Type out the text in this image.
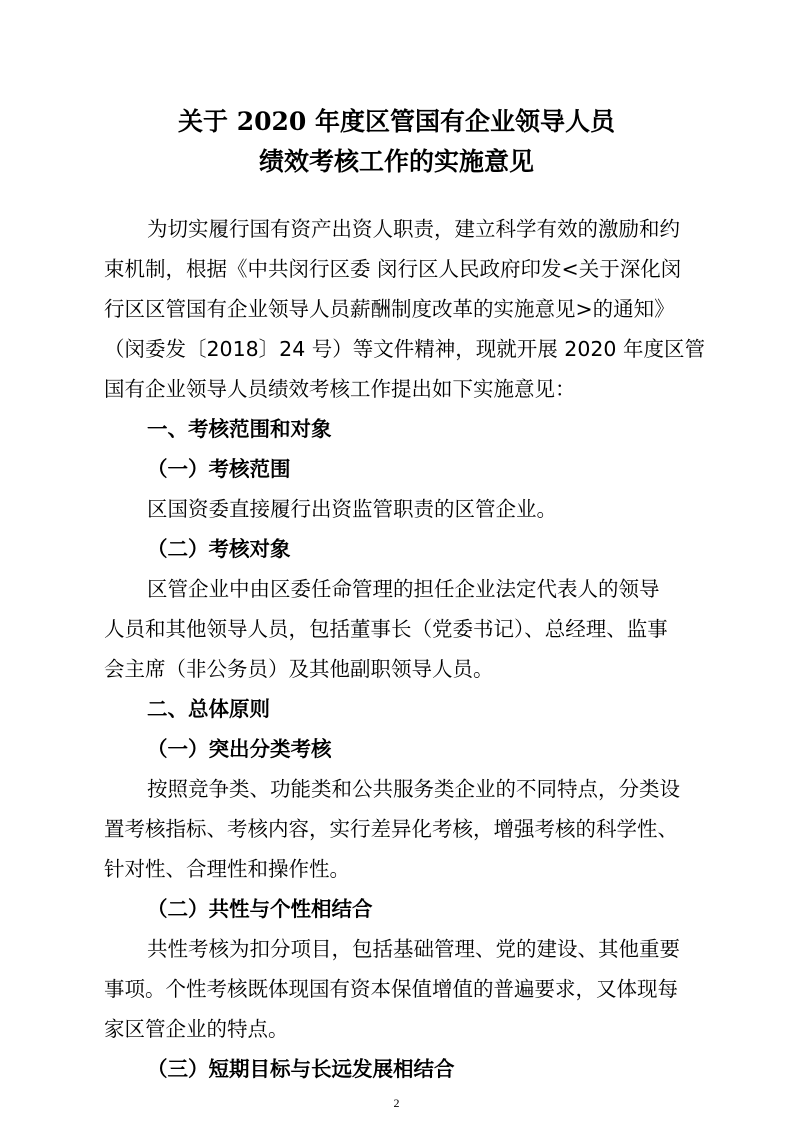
关于 2020 年度区管国有企业领导人员
绩效考核工作的实施意见
为切实履行国有资产出资人职责，建立科学有效的激励和约
束机制，根据《中共闵行区委 闵行区人民政府印发<关于深化闵
行区区管国有企业领导人员薪酬制度改革的实施意见>的通知》
（闵委发〔2018〕24 号）等文件精神，现就开展 2020 年度区管
国有企业领导人员绩效考核工作提出如下实施意见：
一、考核范围和对象
（一）考核范围
区国资委直接履行出资监管职责的区管企业。
（二）考核对象
区管企业中由区委任命管理的担任企业法定代表人的领导
人员和其他领导人员，包括董事长（党委书记）、总经理、监事
会主席（非公务员）及其他副职领导人员。
二、总体原则
（一）突出分类考核
按照竞争类、功能类和公共服务类企业的不同特点，分类设
置考核指标、考核内容，实行差异化考核，增强考核的科学性、
针对性、合理性和操作性。
（二）共性与个性相结合
共性考核为扣分项目，包括基础管理、党的建设、其他重要
事项。个性考核既体现国有资本保值增值的普遍要求，又体现每
家区管企业的特点。
（三）短期目标与长远发展相结合
2
